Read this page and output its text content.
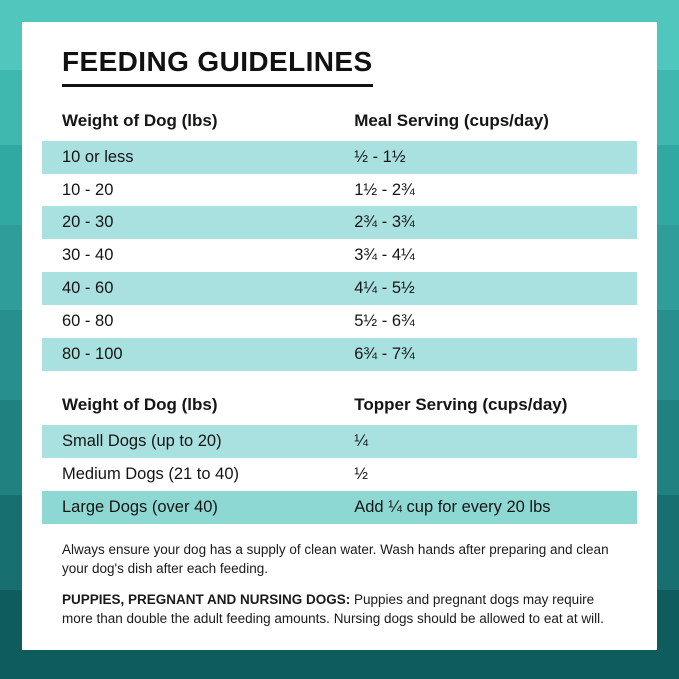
FEEDING GUIDELINES
Weight of Dog (lbs)	Meal Serving (cups/day)
10 or less	½ - 1½
10 - 20	1½ - 2¾
20 - 30	2¾ - 3¾
30 - 40	3¾ - 4¼
40 - 60	4¼ - 5½
60 - 80	5½ - 6¾
80 - 100	6¾ - 7¾

Weight of Dog (lbs)	Topper Serving (cups/day)
Small Dogs (up to 20)	¼
Medium Dogs (21 to 40)	½
Large Dogs (over 40)	Add ¼ cup for every 20 lbs

Always ensure your dog has a supply of clean water. Wash hands after preparing and clean your dog's dish after each feeding.

PUPPIES, PREGNANT AND NURSING DOGS: Puppies and pregnant dogs may require more than double the adult feeding amounts. Nursing dogs should be allowed to eat at will.
